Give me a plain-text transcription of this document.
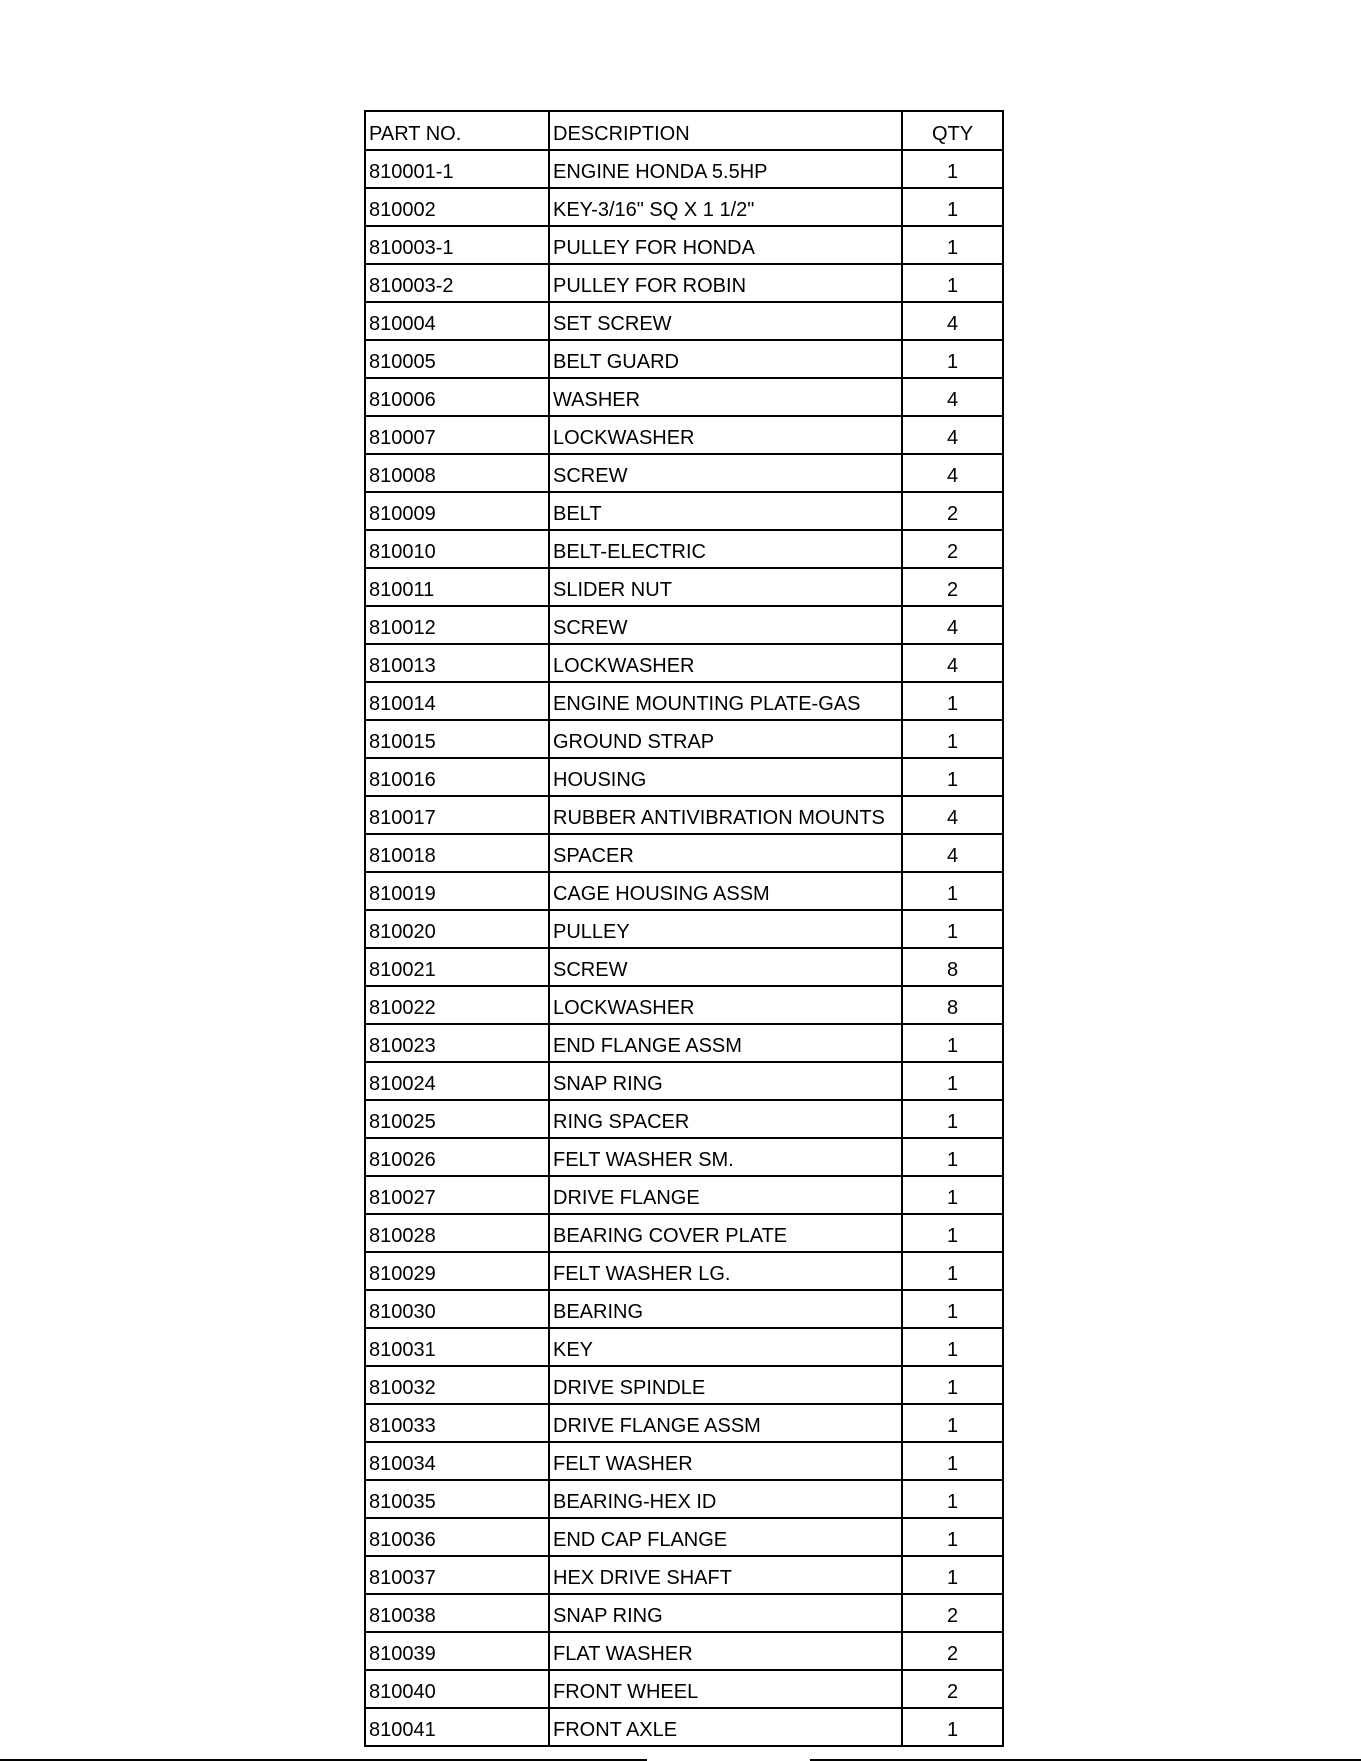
PART NO.	DESCRIPTION	QTY
810001-1	ENGINE HONDA 5.5HP	1
810002	KEY-3/16" SQ X 1 1/2"	1
810003-1	PULLEY FOR HONDA	1
810003-2	PULLEY FOR ROBIN	1
810004	SET SCREW	4
810005	BELT GUARD	1
810006	WASHER	4
810007	LOCKWASHER	4
810008	SCREW	4
810009	BELT	2
810010	BELT-ELECTRIC	2
810011	SLIDER NUT	2
810012	SCREW	4
810013	LOCKWASHER	4
810014	ENGINE MOUNTING PLATE-GAS	1
810015	GROUND STRAP	1
810016	HOUSING	1
810017	RUBBER ANTIVIBRATION MOUNTS	4
810018	SPACER	4
810019	CAGE HOUSING ASSM	1
810020	PULLEY	1
810021	SCREW	8
810022	LOCKWASHER	8
810023	END FLANGE ASSM	1
810024	SNAP RING	1
810025	RING SPACER	1
810026	FELT WASHER SM.	1
810027	DRIVE FLANGE	1
810028	BEARING COVER PLATE	1
810029	FELT WASHER LG.	1
810030	BEARING	1
810031	KEY	1
810032	DRIVE SPINDLE	1
810033	DRIVE FLANGE ASSM	1
810034	FELT WASHER	1
810035	BEARING-HEX ID	1
810036	END CAP FLANGE	1
810037	HEX DRIVE SHAFT	1
810038	SNAP RING	2
810039	FLAT WASHER	2
810040	FRONT WHEEL	2
810041	FRONT AXLE	1
